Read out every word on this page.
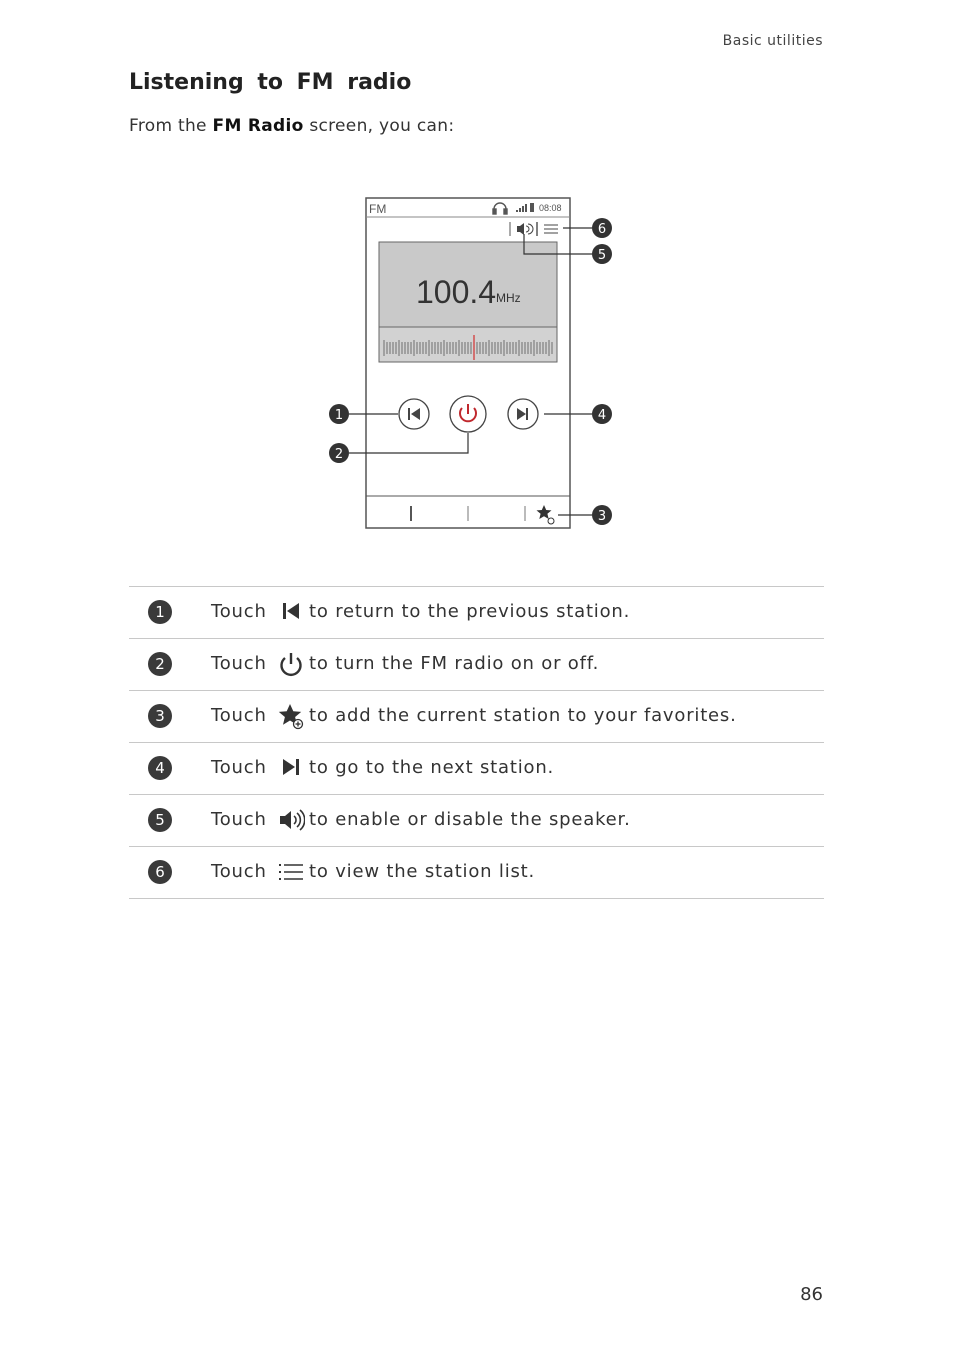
Basic utilities
Listening to FM radio

From the FM Radio screen, you can:

FM	08:08
100.4 MHz
6
5
1
2
4
3
1	Touch to return to the previous station.
2	Touch to turn the FM radio on or off.
3	Touch to add the current station to your favorites.
4	Touch to go to the next station.
5	Touch to enable or disable the speaker.
6	Touch to view the station list.
86
